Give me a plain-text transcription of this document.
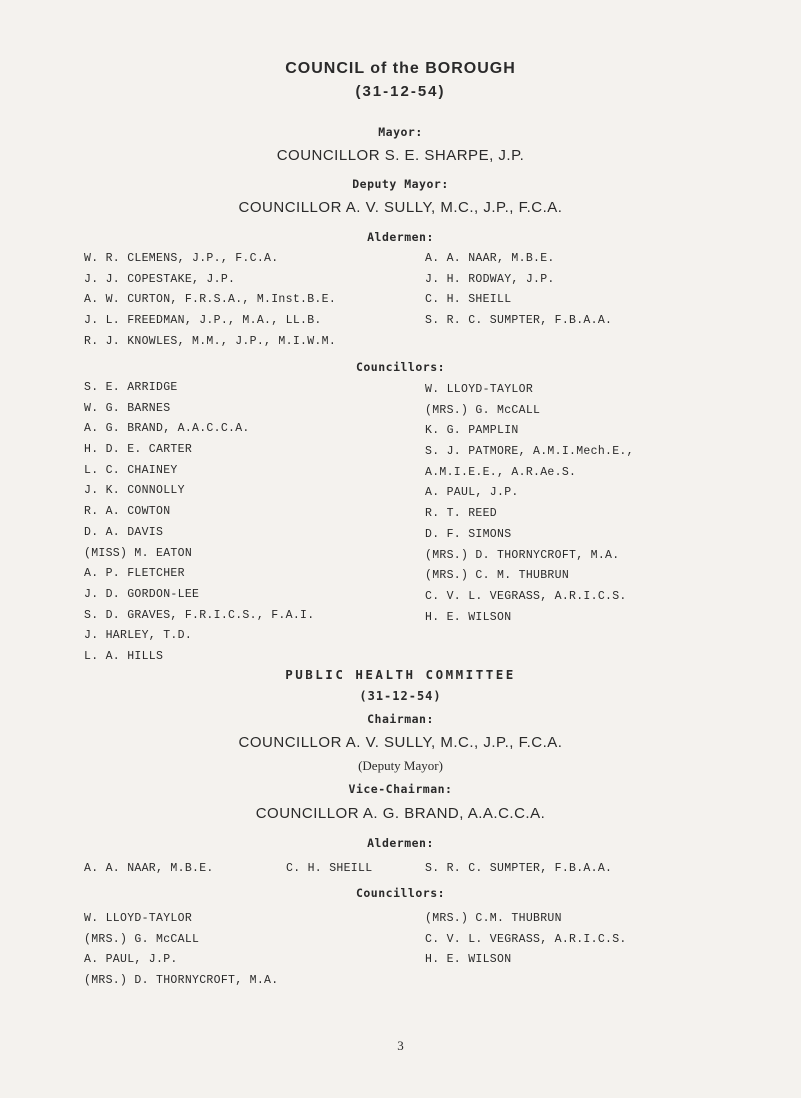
COUNCIL of the BOROUGH
(31-12-54)
Mayor:
COUNCILLOR S. E. SHARPE, J.P.
Deputy Mayor:
COUNCILLOR A. V. SULLY, M.C., J.P., F.C.A.
Aldermen:
W. R. CLEMENS, J.P., F.C.A.
J. J. COPESTAKE, J.P.
A. W. CURTON, F.R.S.A., M.Inst.B.E.
J. L. FREEDMAN, J.P., M.A., LL.B.
R. J. KNOWLES, M.M., J.P., M.I.W.M.
A. A. NAAR, M.B.E.
J. H. RODWAY, J.P.
C. H. SHEILL
S. R. C. SUMPTER, F.B.A.A.
Councillors:
S. E. ARRIDGE
W. G. BARNES
A. G. BRAND, A.A.C.C.A.
H. D. E. CARTER
L. C. CHAINEY
J. K. CONNOLLY
R. A. COWTON
D. A. DAVIS
(MISS) M. EATON
A. P. FLETCHER
J. D. GORDON-LEE
S. D. GRAVES, F.R.I.C.S., F.A.I.
J. HARLEY, T.D.
L. A. HILLS
W. LLOYD-TAYLOR
(MRS.) G. McCALL
K. G. PAMPLIN
S. J. PATMORE, A.M.I.Mech.E.,
A.M.I.E.E., A.R.Ae.S.
A. PAUL, J.P.
R. T. REED
D. F. SIMONS
(MRS.) D. THORNYCROFT, M.A.
(MRS.) C. M. THUBRUN
C. V. L. VEGRASS, A.R.I.C.S.
H. E. WILSON
PUBLIC HEALTH COMMITTEE
(31-12-54)
Chairman:
COUNCILLOR A. V. SULLY, M.C., J.P., F.C.A.
(Deputy Mayor)
Vice-Chairman:
COUNCILLOR A. G. BRAND, A.A.C.C.A.
Aldermen:
A. A. NAAR, M.B.E.	C. H. SHEILL	S. R. C. SUMPTER, F.B.A.A.
Councillors:
W. LLOYD-TAYLOR
(MRS.) G. McCALL
A. PAUL, J.P.
(MRS.) D. THORNYCROFT, M.A.
(MRS.) C.M. THUBRUN
C. V. L. VEGRASS, A.R.I.C.S.
H. E. WILSON
3
